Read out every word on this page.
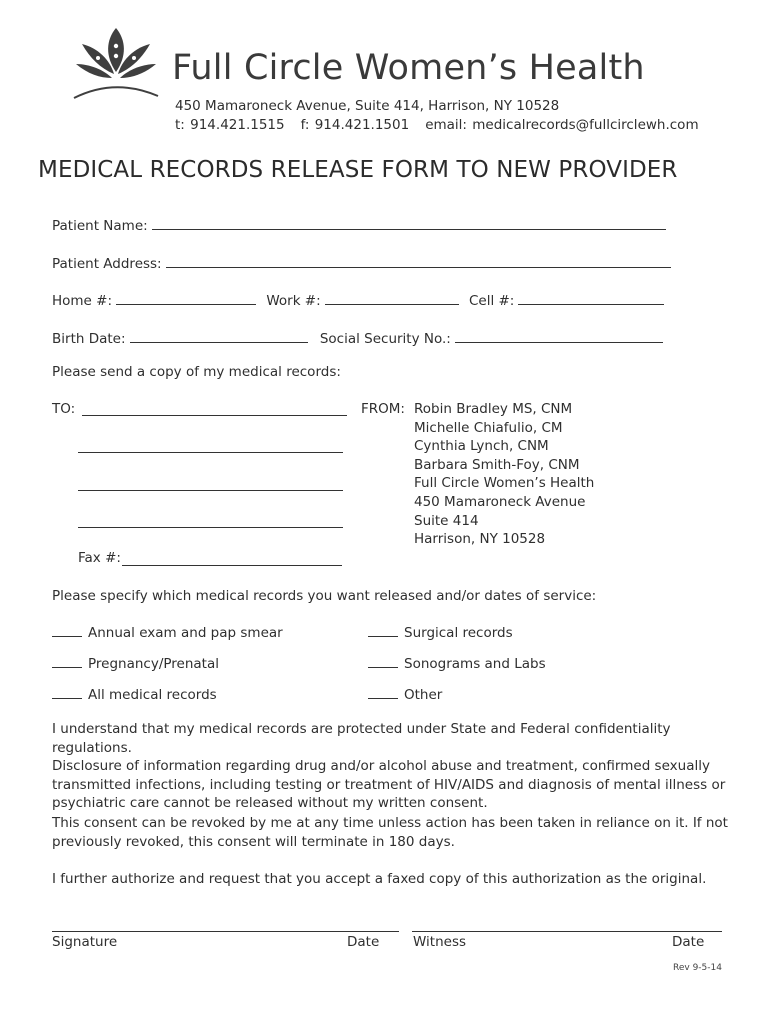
Full Circle Women’s Health
450 Mamaroneck Avenue, Suite 414, Harrison, NY 10528
t: 914.421.1515 f: 914.421.1501 email: medicalrecords@fullcirclewh.com
MEDICAL RECORDS RELEASE FORM TO NEW PROVIDER
Patient Name:
Patient Address:
Home #:	Work #:	Cell #:
Birth Date:	Social Security No.:
Please send a copy of my medical records:
TO:
Fax #:
FROM: Robin Bradley MS, CNM
Michelle Chiafulio, CM
Cynthia Lynch, CNM
Barbara Smith-Foy, CNM
Full Circle Women’s Health
450 Mamaroneck Avenue
Suite 414
Harrison, NY 10528
Please specify which medical records you want released and/or dates of service:
Annual exam and pap smear
Pregnancy/Prenatal
All medical records
Surgical records
Sonograms and Labs
Other
I understand that my medical records are protected under State and Federal confidentiality regulations.
Disclosure of information regarding drug and/or alcohol abuse and treatment, confirmed sexually
transmitted infections, including testing or treatment of HIV/AIDS and diagnosis of mental illness or
psychiatric care cannot be released without my written consent.
This consent can be revoked by me at any time unless action has been taken in reliance on it. If not
previously revoked, this consent will terminate in 180 days.
I further authorize and request that you accept a faxed copy of this authorization as the original.
Signature	Date Witness	Date
Rev 9-5-14
